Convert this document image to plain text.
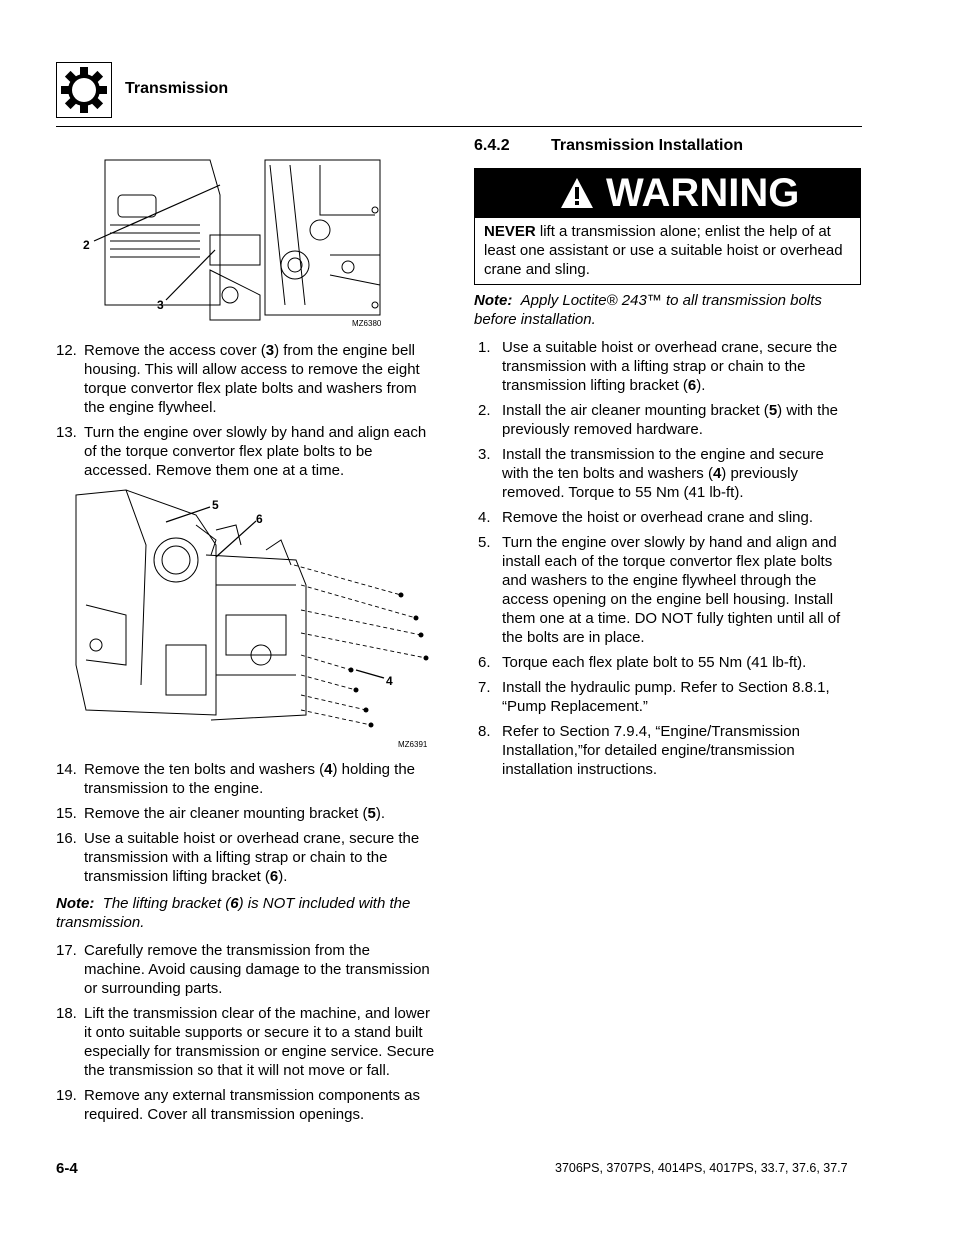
Transmission
2
3
MZ6380
12. Remove the access cover (3) from the engine bell
housing. This will allow access to remove the eight
torque convertor flex plate bolts and washers from
the engine flywheel.
13. Turn the engine over slowly by hand and align each
of the torque convertor flex plate bolts to be
accessed. Remove them one at a time.
5
6
4
MZ6391
14. Remove the ten bolts and washers (4) holding the
transmission to the engine.
15. Remove the air cleaner mounting bracket (5).
16. Use a suitable hoist or overhead crane, secure the
transmission with a lifting strap or chain to the
transmission lifting bracket (6).
Note: The lifting bracket (6) is NOT included with the
transmission.
17. Carefully remove the transmission from the
machine. Avoid causing damage to the transmission
or surrounding parts.
18. Lift the transmission clear of the machine, and lower
it onto suitable supports or secure it to a stand built
especially for transmission or engine service. Secure
the transmission so that it will not move or fall.
19. Remove any external transmission components as
required. Cover all transmission openings.
6.4.2	Transmission Installation
WARNING
NEVER lift a transmission alone; enlist the help of at
least one assistant or use a suitable hoist or overhead
crane and sling.
Note: Apply Loctite® 243™ to all transmission bolts
before installation.
1. Use a suitable hoist or overhead crane, secure the
transmission with a lifting strap or chain to the
transmission lifting bracket (6).
2. Install the air cleaner mounting bracket (5) with the
previously removed hardware.
3. Install the transmission to the engine and secure
with the ten bolts and washers (4) previously
removed. Torque to 55 Nm (41 lb-ft).
4. Remove the hoist or overhead crane and sling.
5. Turn the engine over slowly by hand and align and
install each of the torque convertor flex plate bolts
and washers to the engine flywheel through the
access opening on the engine bell housing. Install
them one at a time. DO NOT fully tighten until all of
the bolts are in place.
6. Torque each flex plate bolt to 55 Nm (41 lb-ft).
7. Install the hydraulic pump. Refer to Section 8.8.1,
“Pump Replacement.”
8. Refer to Section 7.9.4, “Engine/Transmission
Installation,”for detailed engine/transmission
installation instructions.
6-4	3706PS, 3707PS, 4014PS, 4017PS, 33.7, 37.6, 37.7
